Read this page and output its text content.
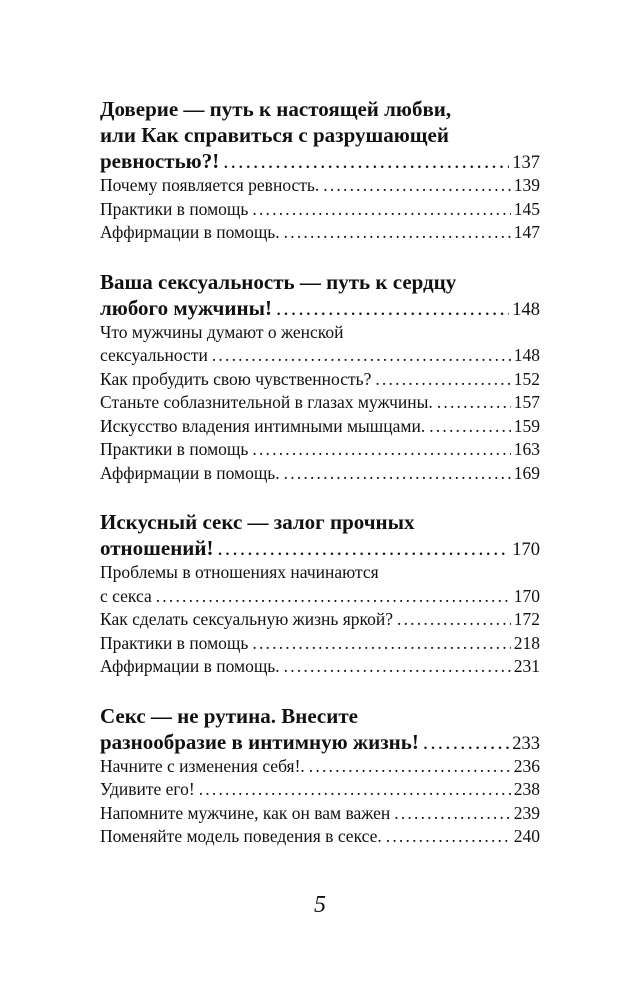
Доверие — путь к настоящей любви,
или Как справиться с разрушающей
ревностью?! .....	137
Почему появляется ревность. .....	139
Практики в помощь .....	145
Аффирмации в помощь. .....	147
Ваша сексуальность — путь к сердцу
любого мужчины! .....	148
Что мужчины думают о женской
сексуальности .....	148
Как пробудить свою чувственность? .....	152
Станьте соблазнительной в глазах мужчины. .....	157
Искусство владения интимными мышцами. .....	159
Практики в помощь .....	163
Аффирмации в помощь. .....	169
Искусный секс — залог прочных
отношений! .....	170
Проблемы в отношениях начинаются
с секса .....	170
Как сделать сексуальную жизнь яркой? .....	172
Практики в помощь .....	218
Аффирмации в помощь. .....	231
Секс — не рутина. Внесите
разнообразие в интимную жизнь! .....	233
Начните с изменения себя!. .....	236
Удивите его! .....	238
Напомните мужчине, как он вам важен .....	239
Поменяйте модель поведения в сексе. .....	240
5
